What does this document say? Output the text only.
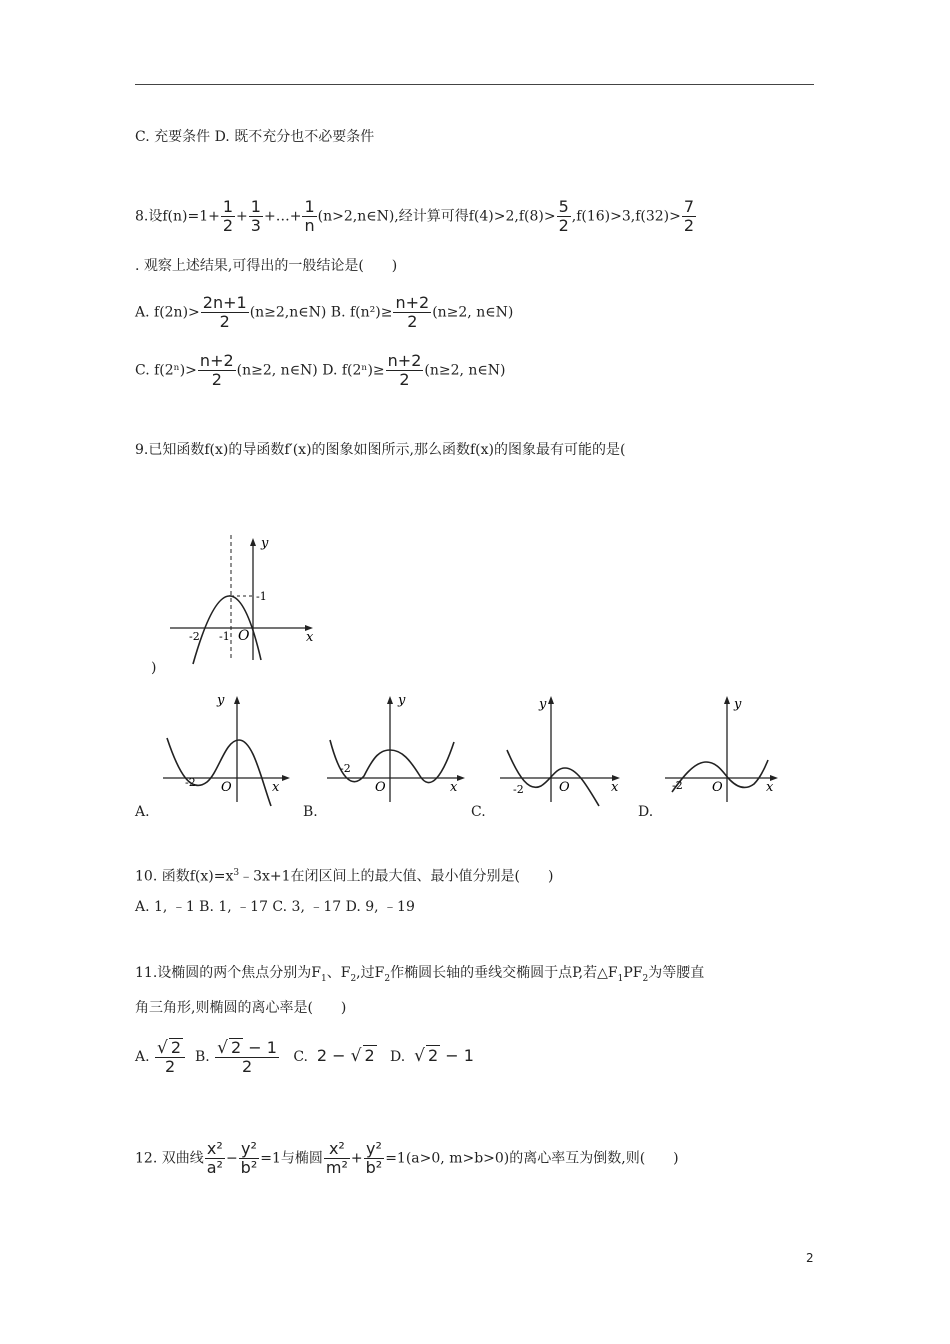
C. 充要条件 D. 既不充分也不必要条件
8.设$f(n)=1+ \frac{1}{2} + \frac{1}{3}$ +…+ $\frac{1}{n}$ (n>2,n∈N),经计算可得$f(4)>2,f(8)> \frac{5}{2} ,f(16)>3,f(32)> \frac{7}{2}$
. 观察上述结果,可得出的一般结论是(　　)
A. $f(2n)> \frac{2n+1}{2}$ (n≥2,n∈N) B. $f(n^2)\ge \frac{n+2}{2} (n\ge 2$, n∈N)
C. $f(2^n)> \frac{n+2}{2} (n\ge 2$, n∈N) D. $f(2^n)\ge \frac{n+2}{2} (n\ge 2$, n∈N)
9.已知函数f(x)的导函数f′(x)的图象如图所示,那么函数f(x)的图象最有可能的是(
y
x
O
-2 -1
-1
)
y
x
O
-2
A.
y
x
O
-2
B.
y
x
O
-2
C.
y
x
O
-2
D.
10. 函数$f(x)=x^3﹣3x+1$在闭区间上的最大值、最小值分别是(　　)
A. 1, ﹣1 B. 1, ﹣17 C. 3, ﹣17 D. 9, ﹣19
11.设椭圆的两个焦点分别为$F_1$、$F_2$,过$F_2$作椭圆长轴的垂线交椭圆于点P,若$\triangle F_1PF_2$为等腰直
角三角形,则椭圆的离心率是(　　)
A. $\frac{√ 2}{2} B$. $\frac{√ 2 - 1}{2} C$. 2 − √ 2 D. √ 2 − 1
12. 双曲线 $\frac{\text{x²}}{\text{a²}} - \frac{\text{y²}}{\text{b²}} =1$与椭圆 $\frac{\text{x²}}{\text{m²}} + \frac{\text{y²}}{\text{b²}} =1(a>0$, m>b>0)的离心率互为倒数,则(　　)
2
